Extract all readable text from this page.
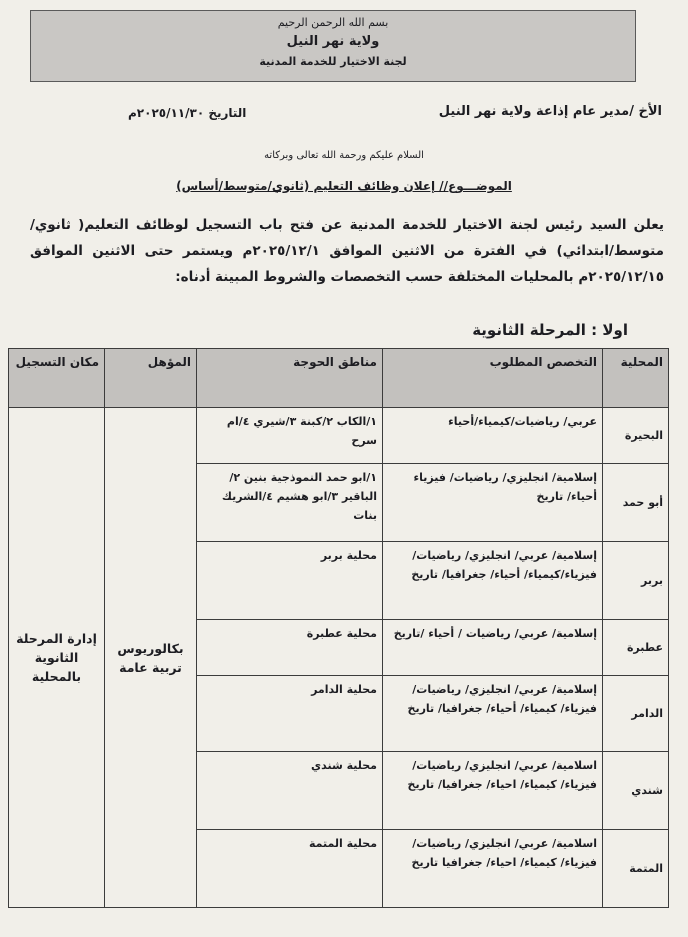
بسم الله الرحمن الرحيم
ولاية نهر النيل
لجنة الاختيار للخدمة المدنية
الأخ /مدير عام إذاعة ولاية نهر النيل
التاريخ ٢٠٢٥/١١/٣٠م
السلام عليكم ورحمة الله تعالى وبركاته
الموضـــوع// إعلان وظائف التعليم (ثانوي/متوسط/أساس)
يعلن السيد رئيس لجنة الاختيار للخدمة المدنية عن فتح باب التسجيل لوظائف التعليم( ثانوي/متوسط/ابتدائي) في الفترة من الاثنين الموافق ٢٠٢٥/١٢/١م ويستمر حتى الاثنين الموافق ٢٠٢٥/١٢/١٥م بالمحليات المختلفة حسب التخصصات والشروط المبينة أدناه:
اولا : المرحلة الثانوية
المحلية	التخصص المطلوب	مناطق الحوجة	المؤهل	مكان التسجيل
البحيرة	عربي/ رياضيات/كيمياء/أحياء	١/الكاب ٢/كبنة ٣/شيري ٤/ام سرح	بكالوريوس تربية عامة	إدارة المرحلة الثانوية بالمحلية
أبو حمد	إسلامية/ انجليزي/ رياضيات/ فيزياء أحياء/ تاريخ	١/ابو حمد النموذجية بنين ٢/الباقير ٣/ابو هشيم ٤/الشريك بنات		
بربر	إسلامية/ عربي/ انجليزي/ رياضيات/ فيزياء/كيمياء/ أحياء/ جغرافيا/ تاريخ	محلية بربر		
عطبرة	إسلامية/ عربي/ رياضيات / أحياء /تاريخ	محلية عطبرة		
الدامر	إسلامية/ عربي/ انجليزي/ رياضيات/ فيزياء/ كيمياء/ أحياء/ جغرافيا/ تاريخ	محلية الدامر		
شندي	اسلامية/ عربي/ انجليزي/ رياضيات/ فيزياء/ كيمياء/ احياء/ جغرافيا/ تاريخ	محلية شندي		
المتمة	اسلامية/ عربي/ انجليزي/ رياضيات/ فيزياء/ كيمياء/ احياء/ جغرافيا تاريخ	محلية المتمة		
